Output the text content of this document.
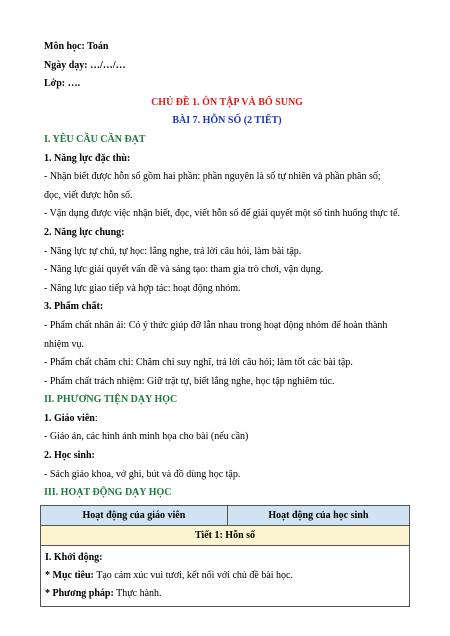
Môn học: Toán

Ngày dạy: …/…/…

Lớp: ….

CHỦ ĐỀ 1. ÔN TẬP VÀ BỔ SUNG

BÀI 7. HỖN SỐ (2 TIẾT)

I. YÊU CẦU CẦN ĐẠT

1. Năng lực đặc thù:

- Nhận biết được hỗn số gồm hai phần: phần nguyên là số tự nhiên và phần phân số;

đọc, viết được hỗn số.

- Vận dụng được việc nhận biết, đọc, viết hỗn số để giải quyết một số tình huống thực tế.

2. Năng lực chung:

- Năng lực tự chủ, tự học: lắng nghe, trả lời câu hỏi, làm bài tập.

- Năng lực giải quyết vấn đề và sáng tạo: tham gia trò chơi, vận dụng.

- Năng lực giao tiếp và hợp tác: hoạt động nhóm.

3. Phẩm chất:

- Phẩm chất nhân ái: Có ý thức giúp đỡ lẫn nhau trong hoạt động nhóm để hoàn thành

nhiệm vụ.

- Phẩm chất chăm chỉ: Chăm chỉ suy nghĩ, trả lời câu hỏi; làm tốt các bài tập.

- Phẩm chất trách nhiệm: Giữ trật tự, biết lắng nghe, học tập nghiêm túc.

II. PHƯƠNG TIỆN DẠY HỌC

1. Giáo viên:

- Giáo án, các hình ảnh minh họa cho bài (nếu cần)

2. Học sinh:

- Sách giáo khoa, vở ghi, bút và đồ dùng học tập.

III. HOẠT ĐỘNG DẠY HỌC

Hoạt động của giáo viên	Hoạt động của học sinh
Tiết 1: Hỗn số

I. Khởi động:

* Mục tiêu: Tạo cảm xúc vui tươi, kết nối với chủ đề bài học.

* Phương pháp: Thực hành.
